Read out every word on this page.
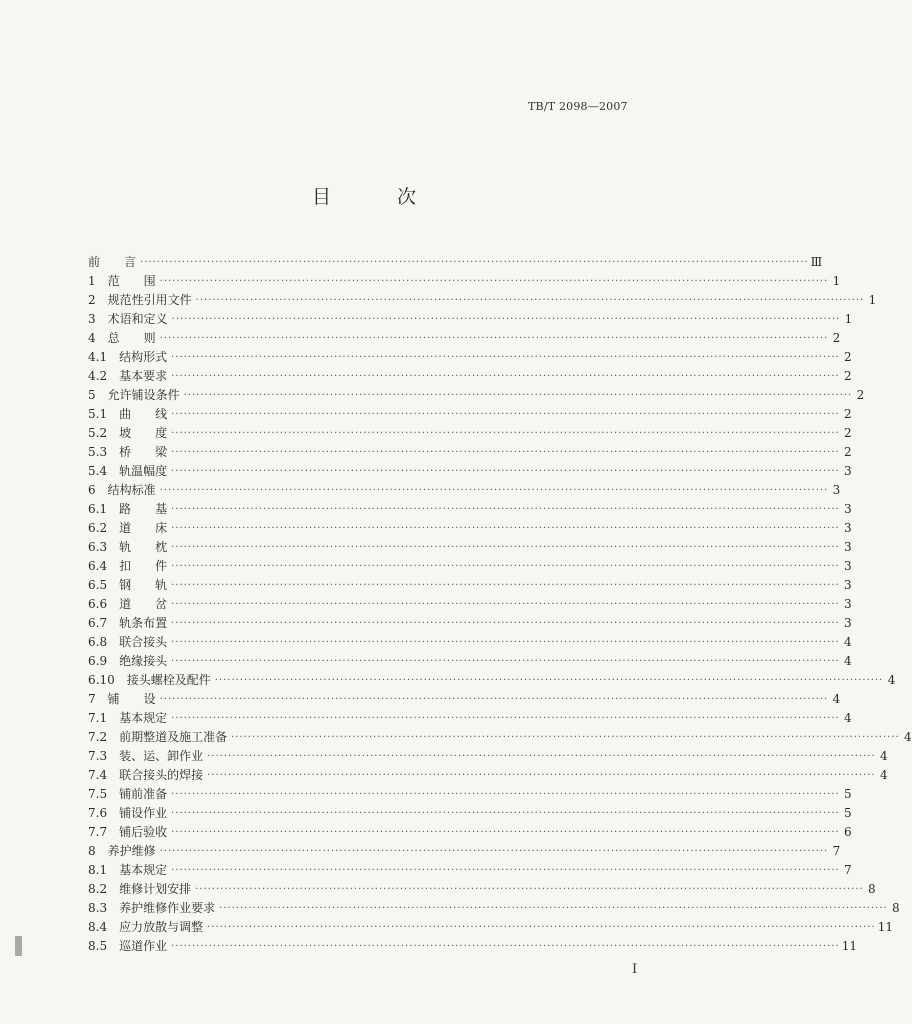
TB/T 2098—2007
目 次
前　　言 ································································································································································ Ⅲ
1　范　　围 ································································································································································ 1
2　规范性引用文件 ································································································································································ 1
3　术语和定义 ································································································································································ 1
4　总　　则 ································································································································································ 2
4.1　结构形式 ································································································································································ 2
4.2　基本要求 ································································································································································ 2
5　允许铺设条件 ································································································································································ 2
5.1　曲　　线 ································································································································································ 2
5.2　坡　　度 ································································································································································ 2
5.3　桥　　梁 ································································································································································ 2
5.4　轨温幅度 ································································································································································ 3
6　结构标准 ································································································································································ 3
6.1　路　　基 ································································································································································ 3
6.2　道　　床 ································································································································································ 3
6.3　轨　　枕 ································································································································································ 3
6.4　扣　　件 ································································································································································ 3
6.5　钢　　轨 ································································································································································ 3
6.6　道　　岔 ································································································································································ 3
6.7　轨条布置 ································································································································································ 3
6.8　联合接头 ································································································································································ 4
6.9　绝缘接头 ································································································································································ 4
6.10　接头螺栓及配件 ································································································································································ 4
7　铺　　设 ································································································································································ 4
7.1　基本规定 ································································································································································ 4
7.2　前期整道及施工准备 ································································································································································ 4
7.3　装、运、卸作业 ································································································································································ 4
7.4　联合接头的焊接 ································································································································································ 4
7.5　铺前准备 ································································································································································ 5
7.6　铺设作业 ································································································································································ 5
7.7　铺后验收 ································································································································································ 6
8　养护维修 ································································································································································ 7
8.1　基本规定 ································································································································································ 7
8.2　维修计划安排 ································································································································································ 8
8.3　养护维修作业要求 ································································································································································ 8
8.4　应力放散与调整 ································································································································································ 11
8.5　巡道作业 ································································································································································ 11
I
